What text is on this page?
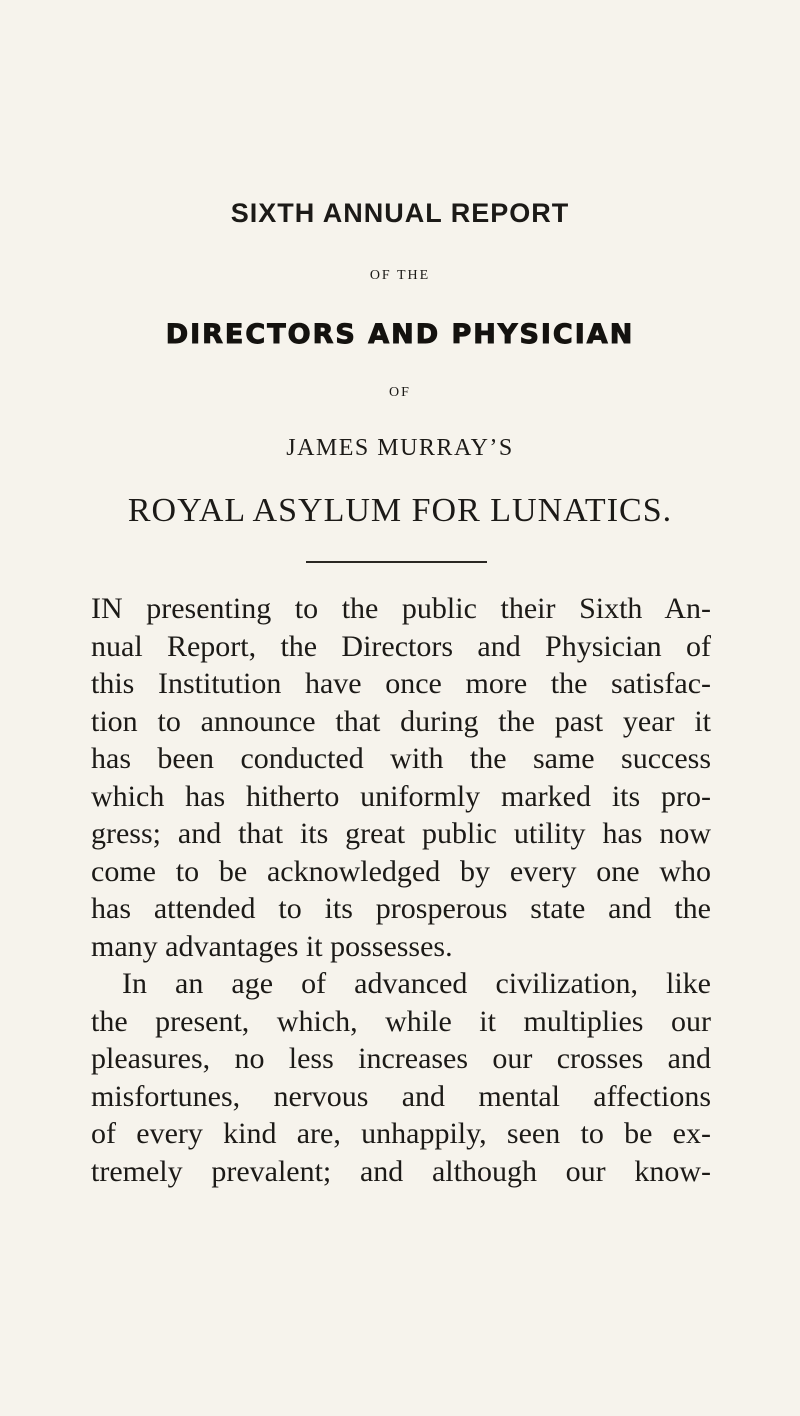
SIXTH ANNUAL REPORT
OF THE
DIRECTORS AND PHYSICIAN
OF
JAMES MURRAY’S
ROYAL ASYLUM FOR LUNATICS.
IN presenting to the public their Sixth An-
nual Report, the Directors and Physician of
this Institution have once more the satisfac-
tion to announce that during the past year it
has been conducted with the same success
which has hitherto uniformly marked its pro-
gress; and that its great public utility has now
come to be acknowledged by every one who
has attended to its prosperous state and the
many advantages it possesses.
In an age of advanced civilization, like
the present, which, while it multiplies our
pleasures, no less increases our crosses and
misfortunes, nervous and mental affections
of every kind are, unhappily, seen to be ex-
tremely prevalent; and although our know-
